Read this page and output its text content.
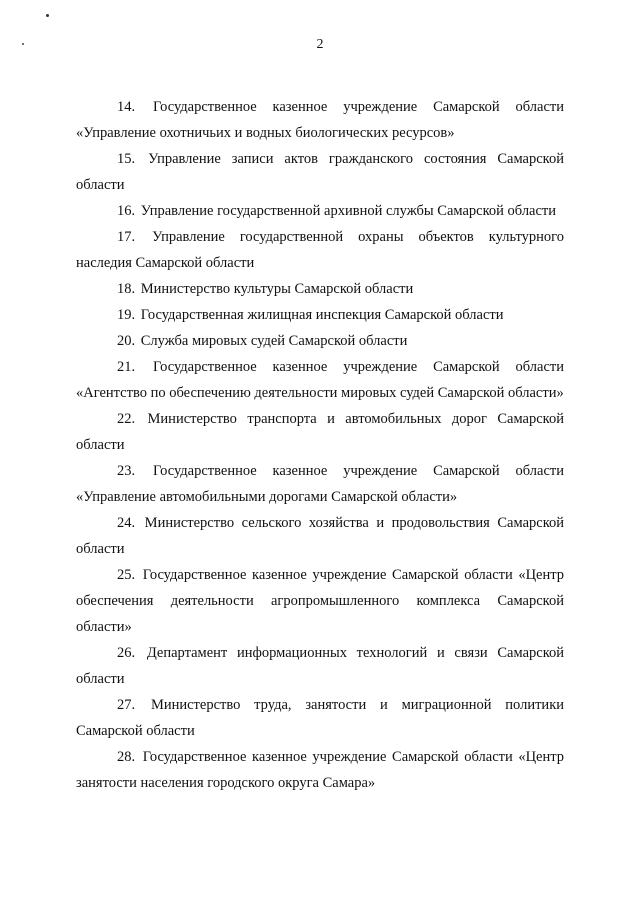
2

14. Государственное казенное учреждение Самарской области «Управление охотничьих и водных биологических ресурсов»

15. Управление записи актов гражданского состояния Самарской области

16. Управление государственной архивной службы Самарской области

17. Управление государственной охраны объектов культурного наследия Самарской области

18. Министерство культуры Самарской области

19. Государственная жилищная инспекция Самарской области

20. Служба мировых судей Самарской области

21. Государственное казенное учреждение Самарской области «Агентство по обеспечению деятельности мировых судей Самарской области»

22. Министерство транспорта и автомобильных дорог Самарской области

23. Государственное казенное учреждение Самарской области «Управление автомобильными дорогами Самарской области»

24. Министерство сельского хозяйства и продовольствия Самарской области

25. Государственное казенное учреждение Самарской области «Центр обеспечения деятельности агропромышленного комплекса Самарской области»

26. Департамент информационных технологий и связи Самарской области

27. Министерство труда, занятости и миграционной политики Самарской области

28. Государственное казенное учреждение Самарской области «Центр занятости населения городского округа Самара»
